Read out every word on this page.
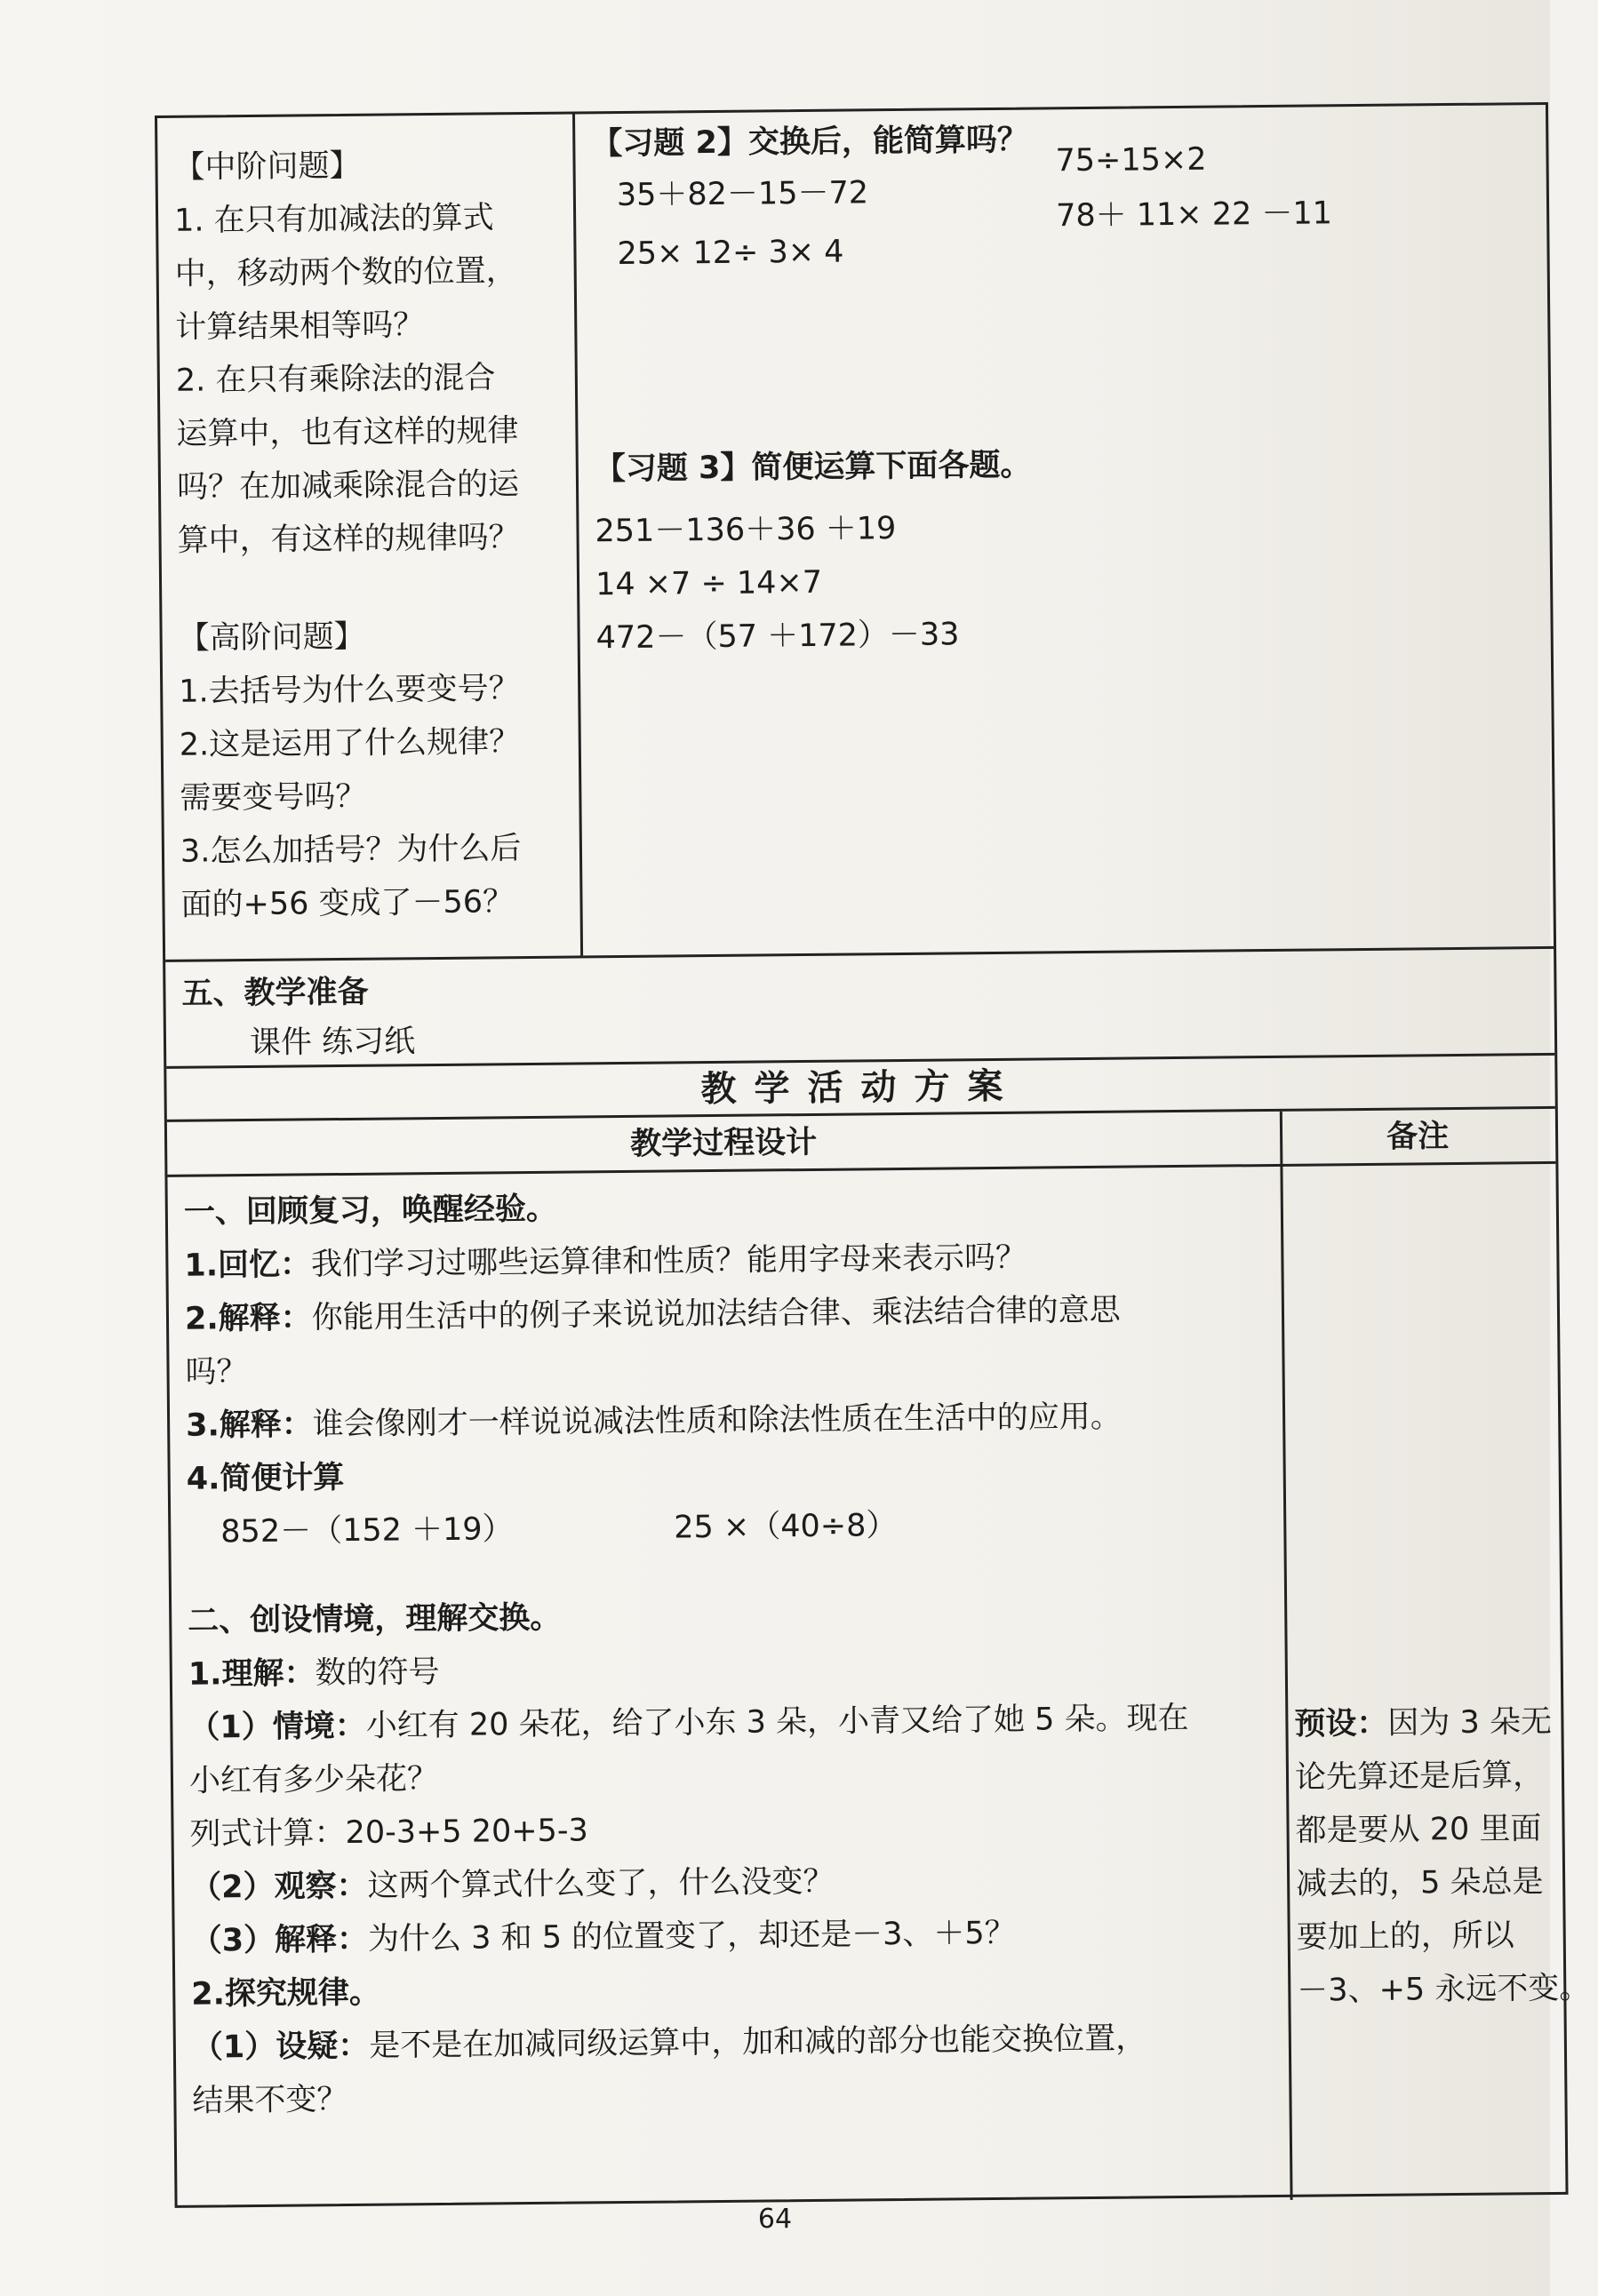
【中阶问题】
1. 在只有加减法的算式
中，移动两个数的位置，
计算结果相等吗？
2. 在只有乘除法的混合
运算中，也有这样的规律
吗？在加减乘除混合的运
算中，有这样的规律吗？
【高阶问题】
1.去括号为什么要变号？
2.这是运用了什么规律？
需要变号吗？
3.怎么加括号？为什么后
面的+56 变成了－56？
【习题 2】交换后，能简算吗？
35＋82－15－72
25× 12÷ 3× 4
75÷15×2
78＋ 11× 22 －11
【习题 3】简便运算下面各题。
251－136＋36 ＋19
14 ×7 ÷ 14×7
472－（57 ＋172）－33
五、教学准备
课件 练习纸
教学活动方案
教学过程设计	备注
一、回顾复习，唤醒经验。
1.回忆：我们学习过哪些运算律和性质？能用字母来表示吗？
2.解释：你能用生活中的例子来说说加法结合律、乘法结合律的意思
吗？
3.解释：谁会像刚才一样说说减法性质和除法性质在生活中的应用。
4.简便计算
852－（152 ＋19）	25 ×（40÷8）
二、创设情境，理解交换。
1.理解：数的符号
（1）情境：小红有 20 朵花，给了小东 3 朵，小青又给了她 5 朵。现在
小红有多少朵花？
列式计算：20-3+5 20+5-3
（2）观察：这两个算式什么变了，什么没变？
（3）解释：为什么 3 和 5 的位置变了，却还是－3、＋5？
2.探究规律。
（1）设疑：是不是在加减同级运算中，加和减的部分也能交换位置，
结果不变？
预设：因为 3 朵无
论先算还是后算，
都是要从 20 里面
减去的，5 朵总是
要加上的，所以
－3、+5 永远不变。
64
